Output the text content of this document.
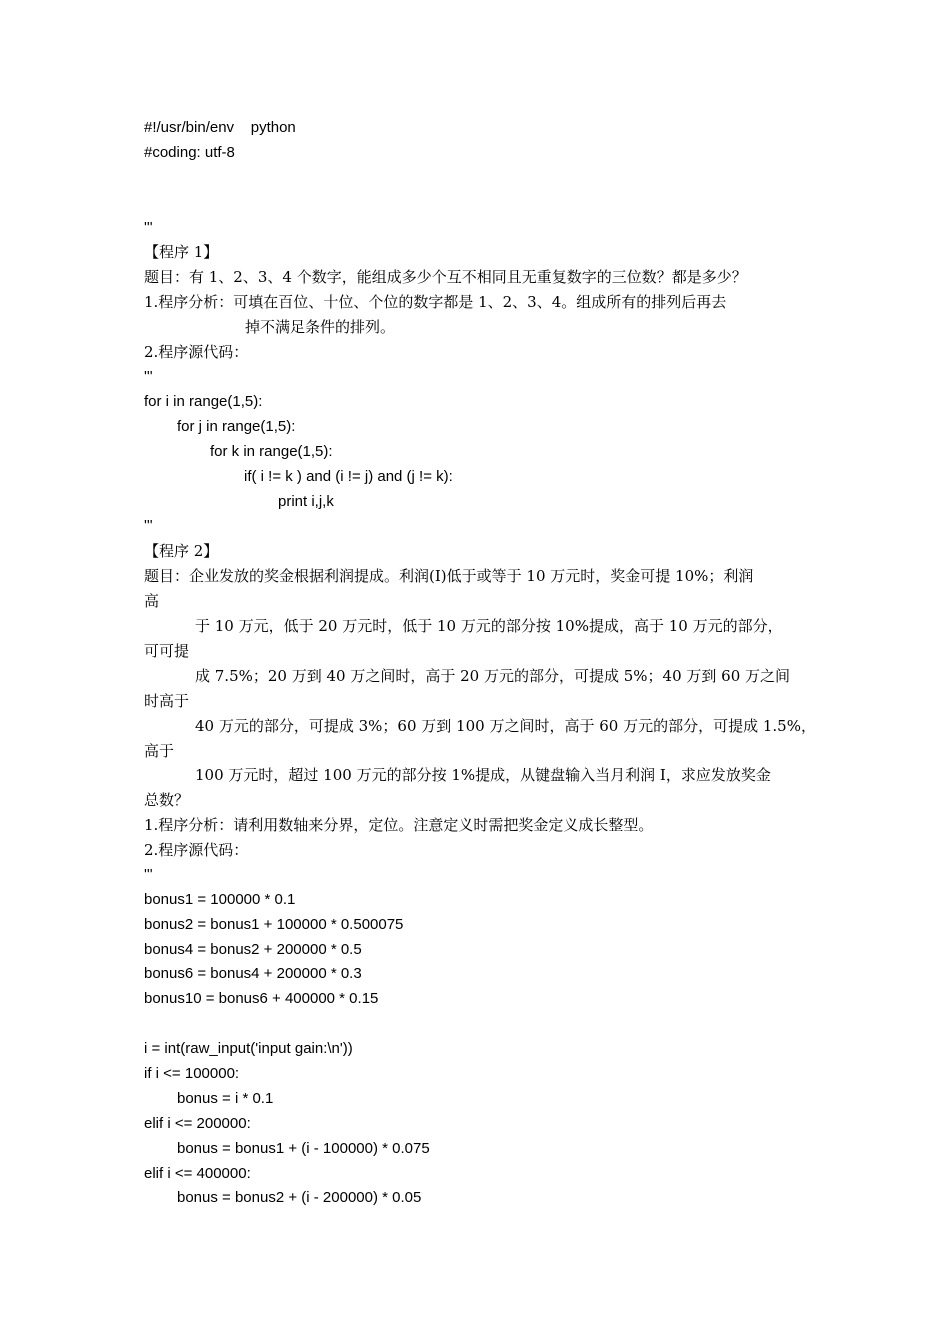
#!/usr/bin/env    python
#coding: utf-8
'''
【程序 1】
题目：有 1、2、3、4 个数字，能组成多少个互不相同且无重复数字的三位数？都是多少？
1.程序分析：可填在百位、十位、个位的数字都是 1、2、3、4。组成所有的排列后再去
掉不满足条件的排列。
2.程序源代码：
'''
for i in range(1,5):
for j in range(1,5):
for k in range(1,5):
if( i != k ) and (i != j) and (j != k):
print i,j,k
'''
【程序 2】
题目：企业发放的奖金根据利润提成。利润(I)低于或等于 10 万元时，奖金可提 10%；利润
高
于 10 万元，低于 20 万元时，低于 10 万元的部分按 10%提成，高于 10 万元的部分，
可可提
成 7.5%；20 万到 40 万之间时，高于 20 万元的部分，可提成 5%；40 万到 60 万之间
时高于
40 万元的部分，可提成 3%；60 万到 100 万之间时，高于 60 万元的部分，可提成 1.5%，
高于
100 万元时，超过 100 万元的部分按 1%提成，从键盘输入当月利润 I，求应发放奖金
总数？
1.程序分析：请利用数轴来分界，定位。注意定义时需把奖金定义成长整型。
2.程序源代码：
'''
bonus1 = 100000 * 0.1
bonus2 = bonus1 + 100000 * 0.500075
bonus4 = bonus2 + 200000 * 0.5
bonus6 = bonus4 + 200000 * 0.3
bonus10 = bonus6 + 400000 * 0.15
i = int(raw_input('input gain:\n'))
if i <= 100000:
bonus = i * 0.1
elif i <= 200000:
bonus = bonus1 + (i - 100000) * 0.075
elif i <= 400000:
bonus = bonus2 + (i - 200000) * 0.05
